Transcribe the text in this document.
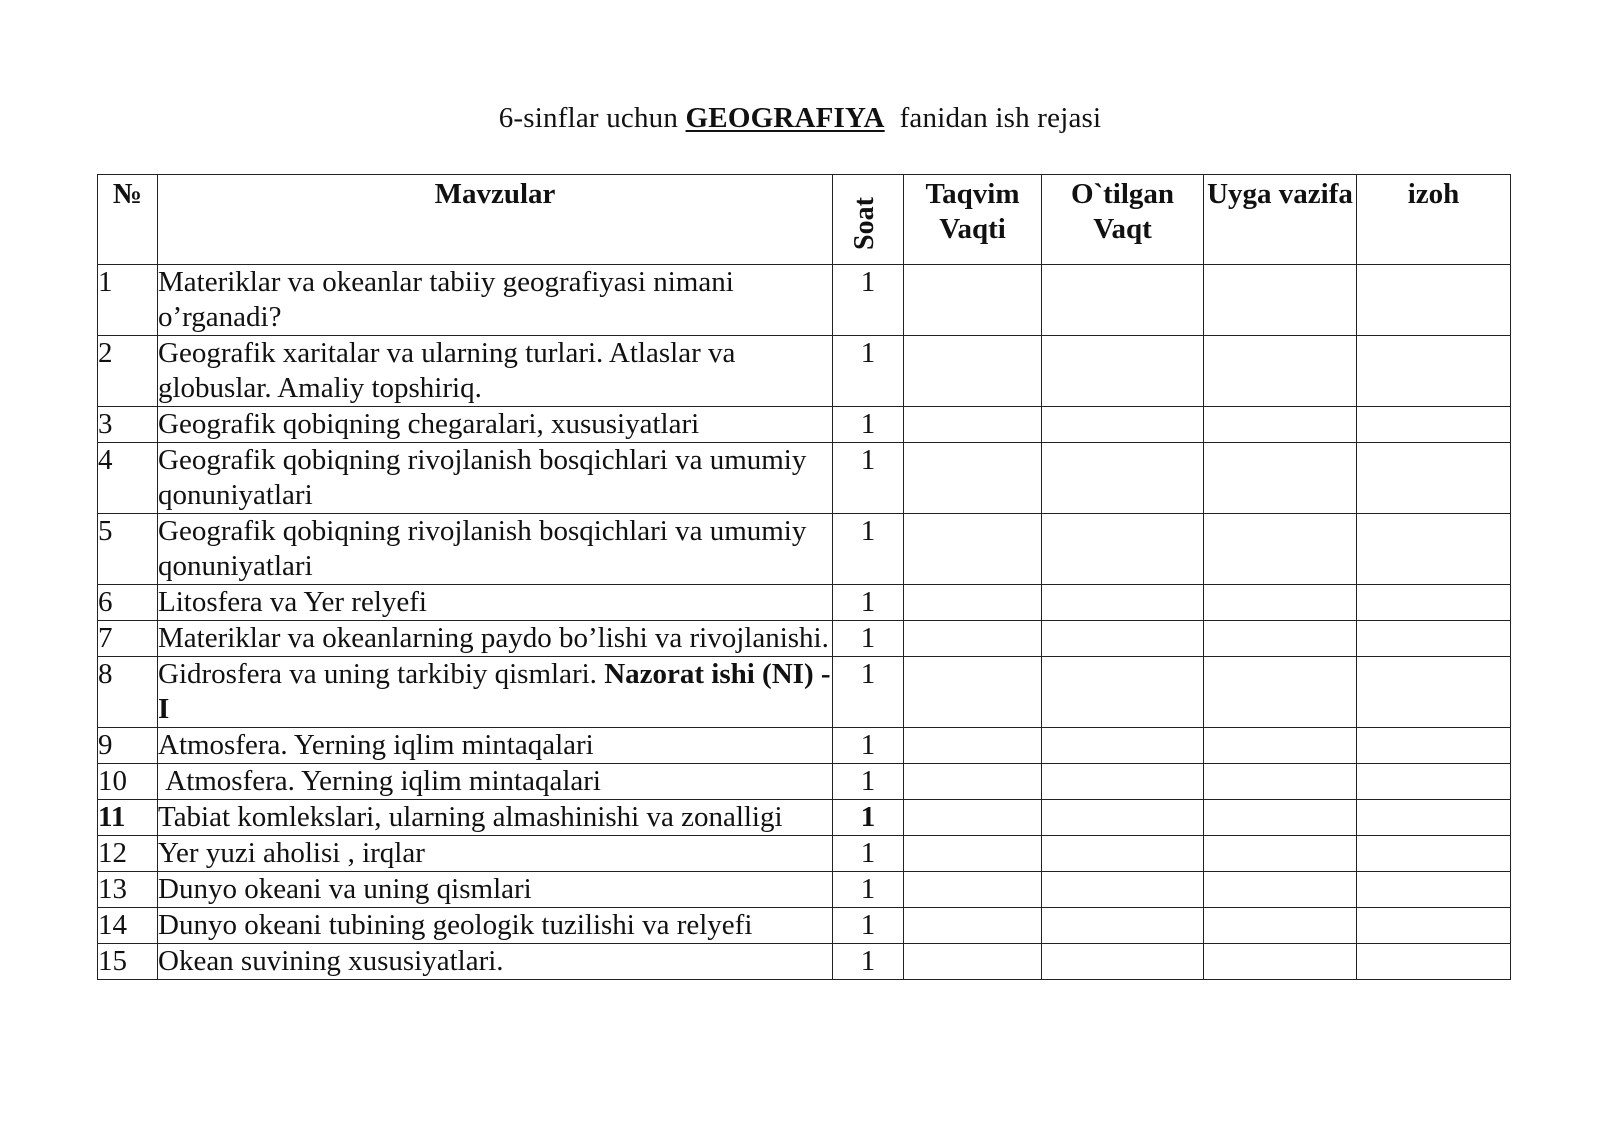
6-sinflar uchun GEOGRAFIYA fanidan ish rejasi
№	Mavzular	Soat	Taqvim Vaqti	O`tilgan Vaqt	Uyga vazifa	izoh
1	Materiklar va okeanlar tabiiy geografiyasi nimani o’rganadi?	1				
2	Geografik xaritalar va ularning turlari. Atlaslar va globuslar. Amaliy topshiriq.	1				
3	Geografik qobiqning chegaralari, xususiyatlari	1				
4	Geografik qobiqning rivojlanish bosqichlari va umumiy qonuniyatlari	1				
5	Geografik qobiqning rivojlanish bosqichlari va umumiy qonuniyatlari	1				
6	Litosfera va Yer relyefi	1				
7	Materiklar va okeanlarning paydo bo’lishi va rivojlanishi.	1				
8	Gidrosfera va uning tarkibiy qismlari. Nazorat ishi (NI) -I	1				
9	Atmosfera. Yerning iqlim mintaqalari	1				
10	Atmosfera. Yerning iqlim mintaqalari	1				
11	Tabiat komlekslari, ularning almashinishi va zonalligi	1				
12	Yer yuzi aholisi , irqlar	1				
13	Dunyo okeani va uning qismlari	1				
14	Dunyo okeani tubining geologik tuzilishi va relyefi	1				
15	Okean suvining xususiyatlari.	1				
